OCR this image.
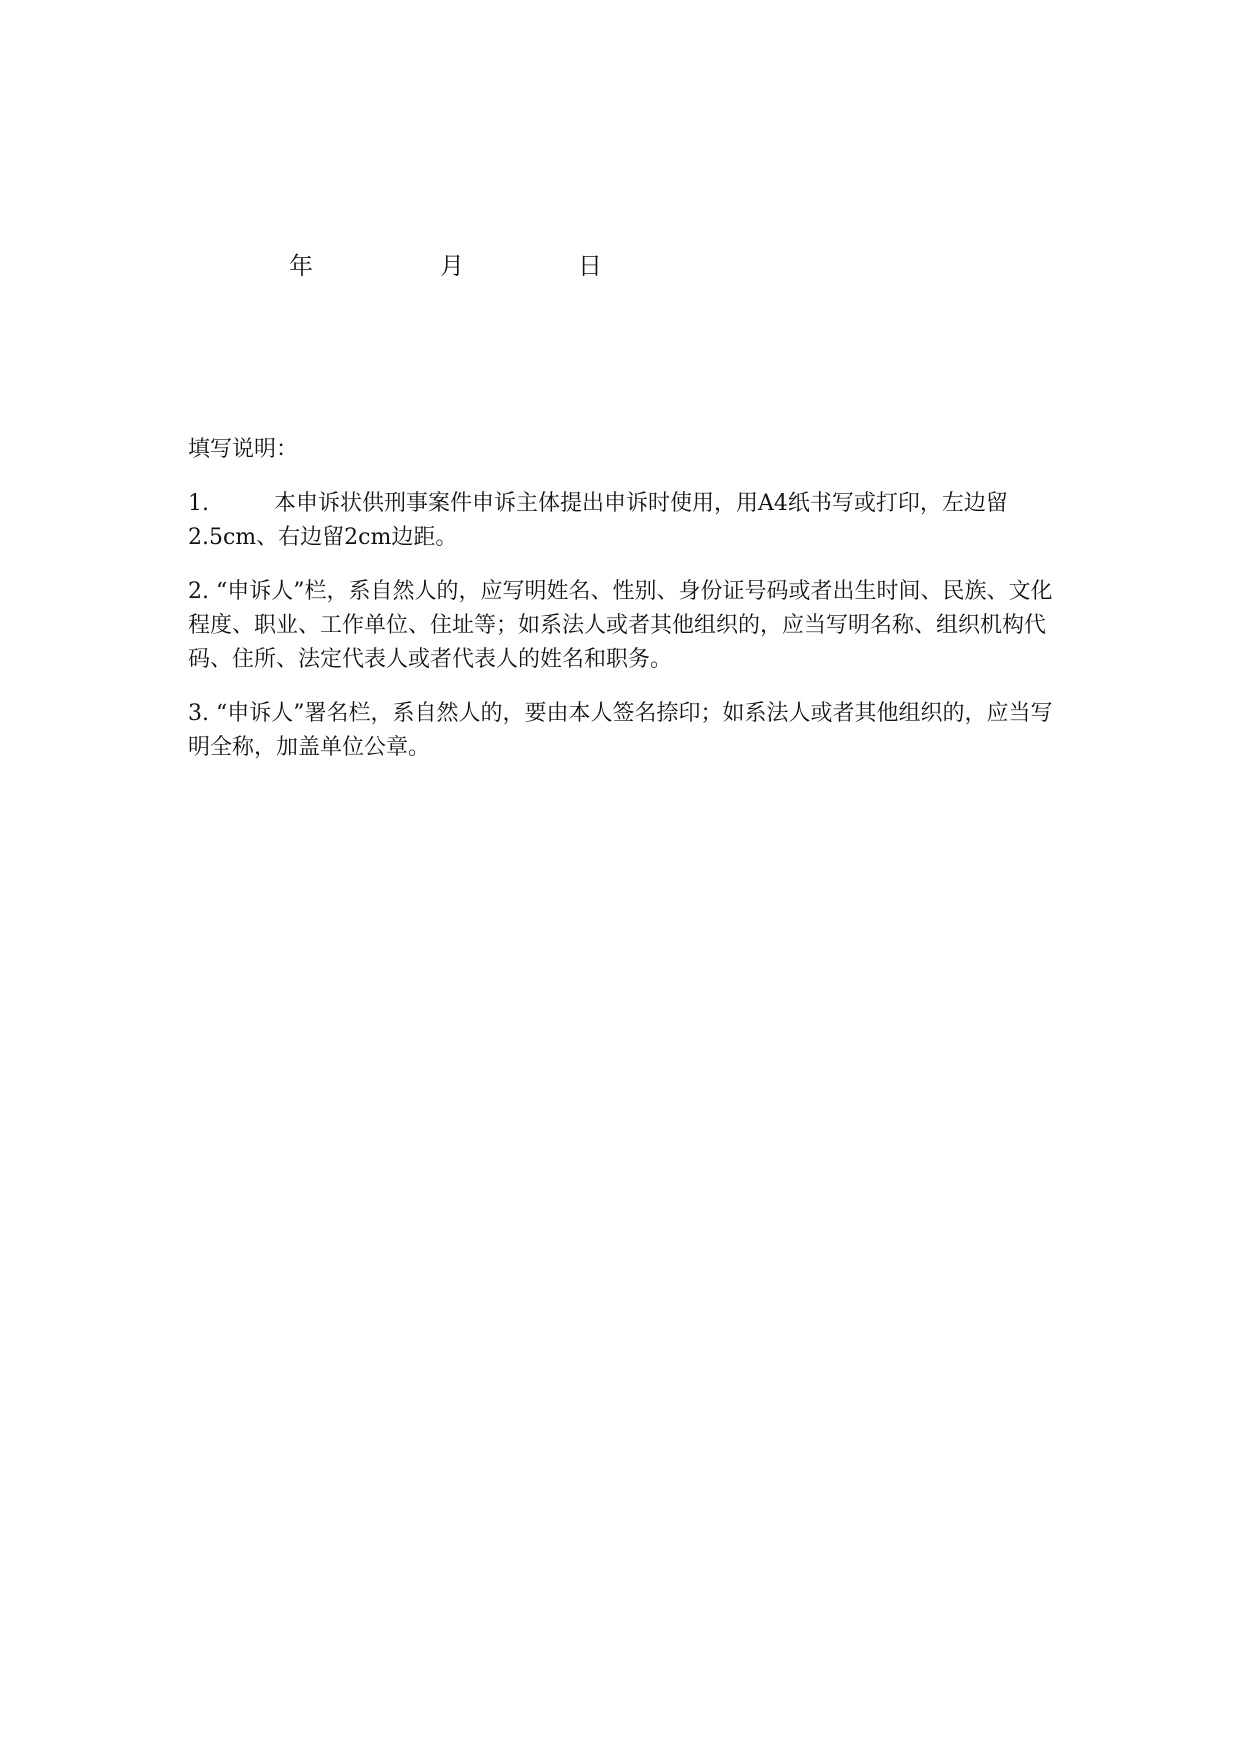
年	月	日
填写说明：
1.	本申诉状供刑事案件申诉主体提出申诉时使用，用A4纸书写或打印，左边留2.5cm、右边留2cm边距。
2. “申诉人”栏，系自然人的，应写明姓名、性别、身份证号码或者出生时间、民族、文化程度、职业、工作单位、住址等；如系法人或者其他组织的，应当写明名称、组织机构代码、住所、法定代表人或者代表人的姓名和职务。
3. “申诉人”署名栏，系自然人的，要由本人签名捺印；如系法人或者其他组织的，应当写明全称，加盖单位公章。
